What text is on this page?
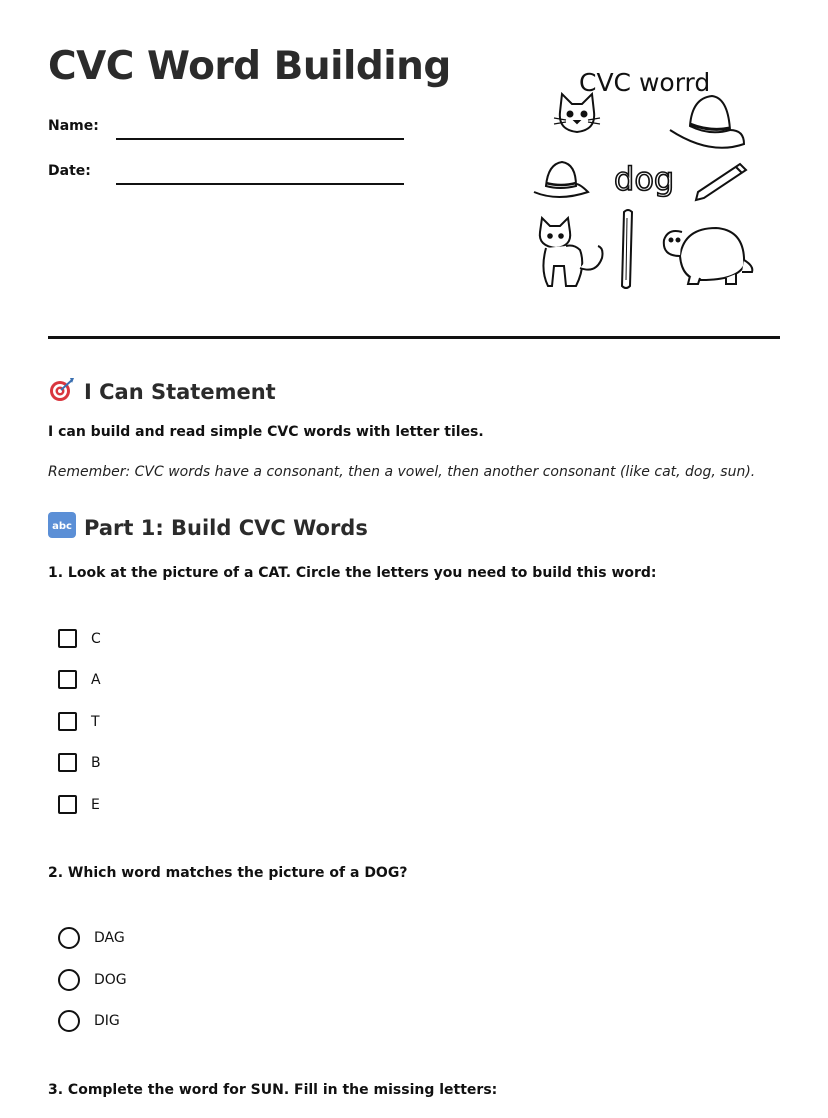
CVC Word Building
Name:
Date:
CVC worrd
dog
I Can Statement
I can build and read simple CVC words with letter tiles.
Remember: CVC words have a consonant, then a vowel, then another consonant (like cat, dog, sun).
abc Part 1: Build CVC Words
1. Look at the picture of a CAT. Circle the letters you need to build this word:
C
A
T
B
E
2. Which word matches the picture of a DOG?
DAG
DOG
DIG
3. Complete the word for SUN. Fill in the missing letters:
